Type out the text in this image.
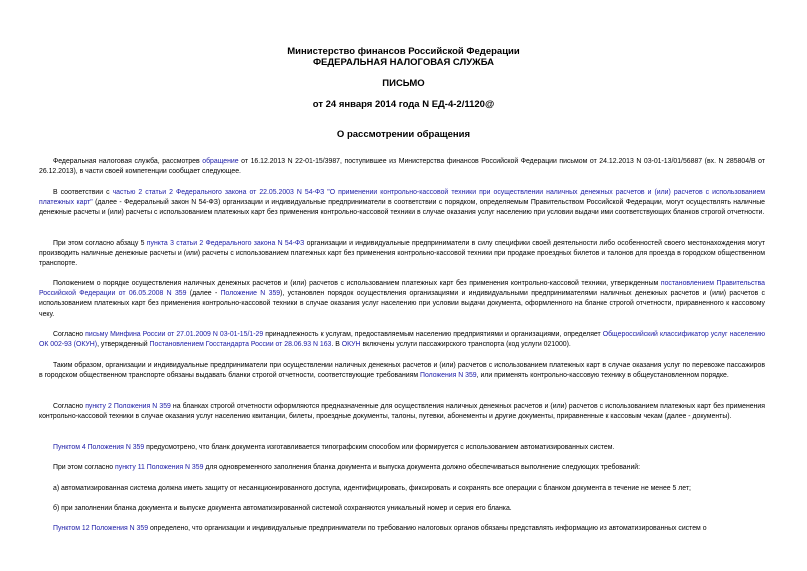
Министерство финансов Российской Федерации
ФЕДЕРАЛЬНАЯ НАЛОГОВАЯ СЛУЖБА
ПИСЬМО
от 24 января 2014 года N ЕД-4-2/1120@
О рассмотрении обращения

Федеральная налоговая служба, рассмотрев обращение от 16.12.2013 N 22-01-15/3987, поступившее из Министерства финансов Российской Федерации письмом от 24.12.2013 N 03-01-13/01/56887 (вх. N 285804/В от 26.12.2013), в части своей компетенции сообщает следующее.

В соответствии с частью 2 статьи 2 Федерального закона от 22.05.2003 N 54-ФЗ "О применении контрольно-кассовой техники при осуществлении наличных денежных расчетов и (или) расчетов с использованием платежных карт" (далее - Федеральный закон N 54-ФЗ) организации и индивидуальные предприниматели в соответствии с порядком, определяемым Правительством Российской Федерации, могут осуществлять наличные денежные расчеты и (или) расчеты с использованием платежных карт без применения контрольно-кассовой техники в случае оказания услуг населению при условии выдачи ими соответствующих бланков строгой отчетности.

При этом согласно абзацу 5 пункта 3 статьи 2 Федерального закона N 54-ФЗ организации и индивидуальные предприниматели в силу специфики своей деятельности либо особенностей своего местонахождения могут производить наличные денежные расчеты и (или) расчеты с использованием платежных карт без применения контрольно-кассовой техники при продаже проездных билетов и талонов для проезда в городском общественном транспорте.

Положением о порядке осуществления наличных денежных расчетов и (или) расчетов с использованием платежных карт без применения контрольно-кассовой техники, утвержденным постановлением Правительства Российской Федерации от 06.05.2008 N 359 (далее - Положение N 359), установлен порядок осуществления организациями и индивидуальными предпринимателями наличных денежных расчетов и (или) расчетов с использованием платежных карт без применения контрольно-кассовой техники в случае оказания услуг населению при условии выдачи документа, оформленного на бланке строгой отчетности, приравненного к кассовому чеку.

Согласно письму Минфина России от 27.01.2009 N 03-01-15/1-29 принадлежность к услугам, предоставляемым населению предприятиями и организациями, определяет Общероссийский классификатор услуг населению ОК 002-93 (ОКУН), утвержденный Постановлением Госстандарта России от 28.06.93 N 163. В ОКУН включены услуги пассажирского транспорта (код услуги 021000).

Таким образом, организации и индивидуальные предприниматели при осуществлении наличных денежных расчетов и (или) расчетов с использованием платежных карт в случае оказания услуг по перевозке пассажиров в городском общественном транспорте обязаны выдавать бланки строгой отчетности, соответствующие требованиям Положения N 359, или применять контрольно-кассовую технику в общеустановленном порядке.

Согласно пункту 2 Положения N 359 на бланках строгой отчетности оформляются предназначенные для осуществления наличных денежных расчетов и (или) расчетов с использованием платежных карт без применения контрольно-кассовой техники в случае оказания услуг населению квитанции, билеты, проездные документы, талоны, путевки, абонементы и другие документы, приравненные к кассовым чекам (далее - документы).

Пунктом 4 Положения N 359 предусмотрено, что бланк документа изготавливается типографским способом или формируется с использованием автоматизированных систем.

При этом согласно пункту 11 Положения N 359 для одновременного заполнения бланка документа и выпуска документа должно обеспечиваться выполнение следующих требований:

а) автоматизированная система должна иметь защиту от несанкционированного доступа, идентифицировать, фиксировать и сохранять все операции с бланком документа в течение не менее 5 лет;

б) при заполнении бланка документа и выпуске документа автоматизированной системой сохраняются уникальный номер и серия его бланка.

Пунктом 12 Положения N 359 определено, что организации и индивидуальные предприниматели по требованию налоговых органов обязаны представлять информацию из автоматизированных систем о
